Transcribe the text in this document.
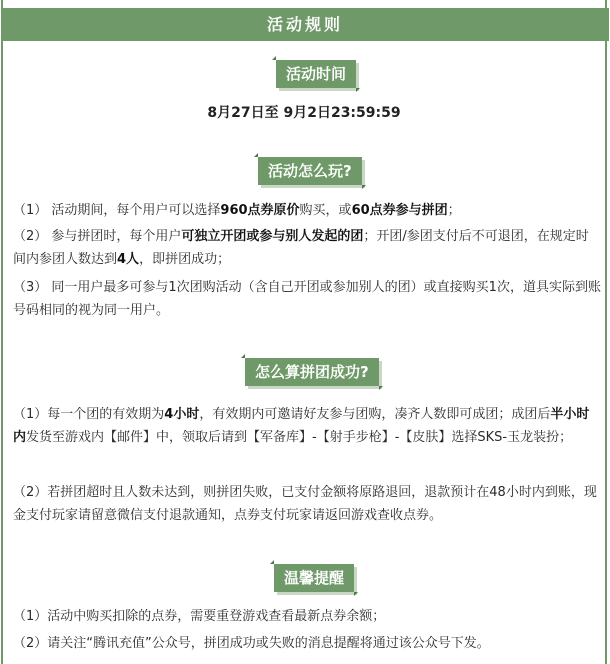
活动规则
活动时间
8月27日至 9月2日23:59:59
活动怎么玩?

（1） 活动期间，每个用户可以选择960点券原价购买，或60点券参与拼团；

（2） 参与拼团时，每个用户可独立开团或参与别人发起的团；开团/参团支付后不可退团，在规定时间内参团人数达到4人，即拼团成功；

（3） 同一用户最多可参与1次团购活动（含自己开团或参加别人的团）或直接购买1次，道具实际到账号码相同的视为同一用户。

怎么算拼团成功?

（1）每一个团的有效期为4小时，有效期内可邀请好友参与团购，凑齐人数即可成团；成团后半小时内发货至游戏内【邮件】中，领取后请到【军备库】-【射手步枪】-【皮肤】选择SKS-玉龙装扮；

（2）若拼团超时且人数未达到，则拼团失败，已支付金额将原路退回，退款预计在48小时内到账，现金支付玩家请留意微信支付退款通知，点券支付玩家请返回游戏查收点券。

温馨提醒

（1）活动中购买扣除的点券，需要重登游戏查看最新点券余额；

（2）请关注“腾讯充值”公众号，拼团成功或失败的消息提醒将通过该公众号下发。
